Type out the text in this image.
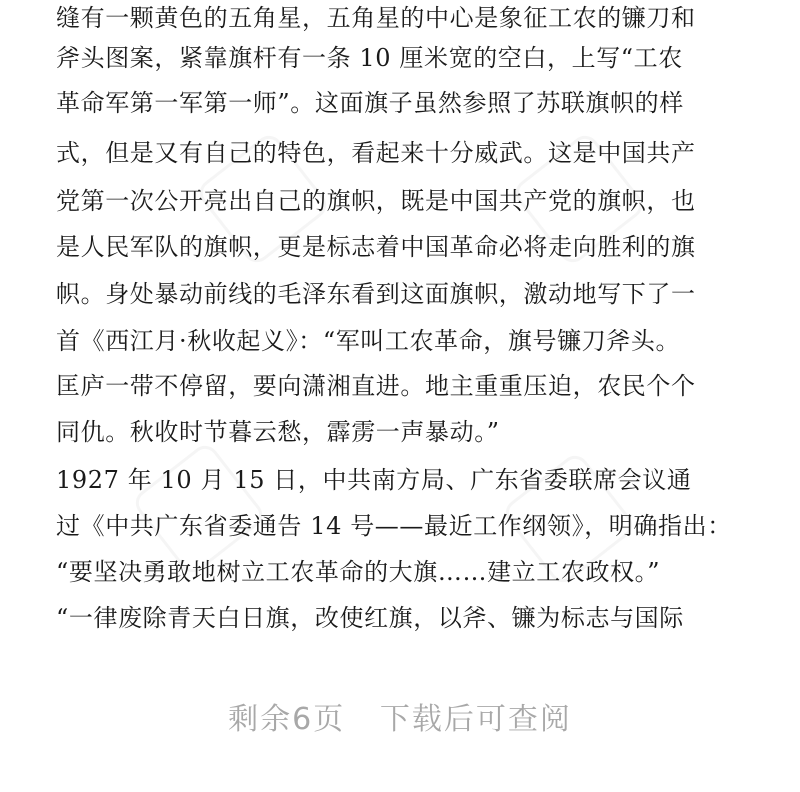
缝有一颗黄色的五角星，五角星的中心是象征工农的镰刀和
斧头图案，紧靠旗杆有一条 10 厘米宽的空白，上写“工农
革命军第一军第一师”。这面旗子虽然参照了苏联旗帜的样
式，但是又有自己的特色，看起来十分威武。这是中国共产
党第一次公开亮出自己的旗帜，既是中国共产党的旗帜，也
是人民军队的旗帜，更是标志着中国革命必将走向胜利的旗
帜。身处暴动前线的毛泽东看到这面旗帜，激动地写下了一
首《西江月·秋收起义》：“军叫工农革命，旗号镰刀斧头。
匡庐一带不停留，要向潇湘直进。地主重重压迫，农民个个
同仇。秋收时节暮云愁，霹雳一声暴动。”
1927 年 10 月 15 日，中共南方局、广东省委联席会议通
过《中共广东省委通告 14 号——最近工作纲领》，明确指出：
“要坚决勇敢地树立工农革命的大旗……建立工农政权。”
“一律废除青天白日旗，改使红旗，以斧、镰为标志与国际
剩余6页   下载后可查阅
